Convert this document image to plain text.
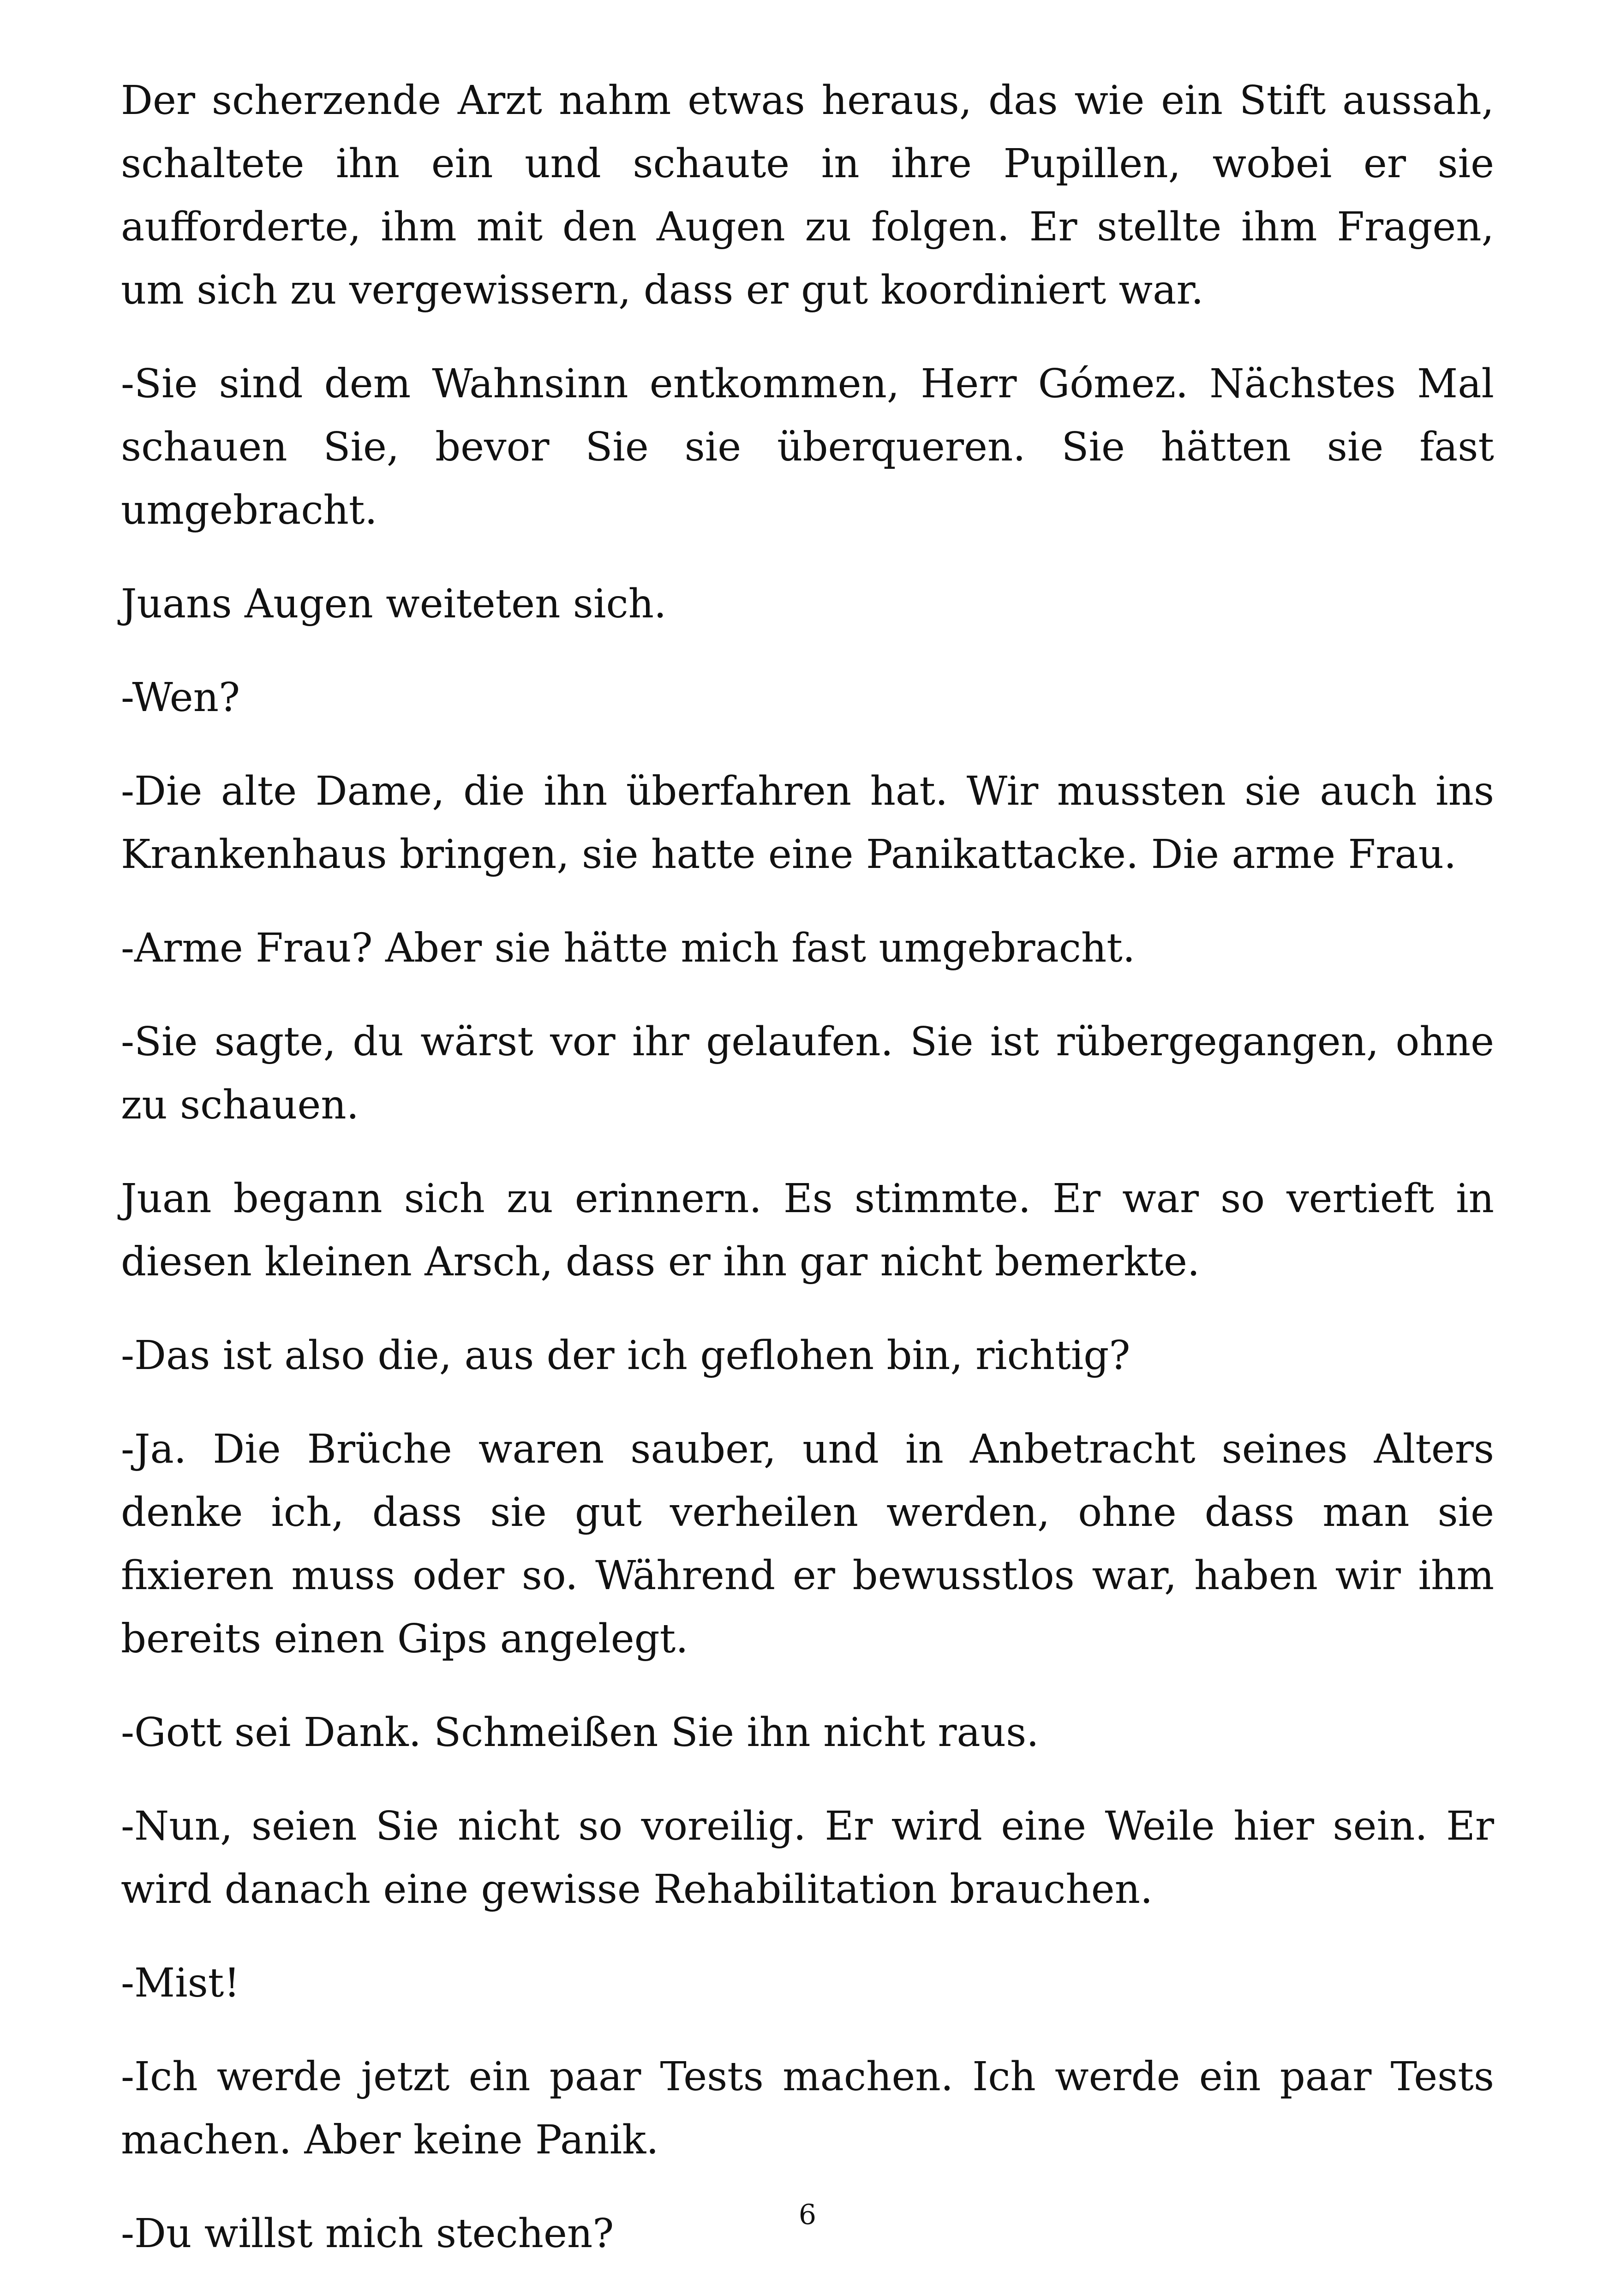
Der scherzende Arzt nahm etwas heraus, das wie ein Stift aussah, schaltete ihn ein und schaute in ihre Pupillen, wobei er sie aufforderte, ihm mit den Augen zu folgen. Er stellte ihm Fragen, um sich zu vergewissern, dass er gut koordiniert war.

-Sie sind dem Wahnsinn entkommen, Herr Gómez. Nächstes Mal schauen Sie, bevor Sie sie überqueren. Sie hätten sie fast umgebracht.

Juans Augen weiteten sich.

-Wen?

-Die alte Dame, die ihn überfahren hat. Wir mussten sie auch ins Krankenhaus bringen, sie hatte eine Panikattacke. Die arme Frau.

-Arme Frau? Aber sie hätte mich fast umgebracht.

-Sie sagte, du wärst vor ihr gelaufen. Sie ist rübergegangen, ohne zu schauen.

Juan begann sich zu erinnern. Es stimmte. Er war so vertieft in diesen kleinen Arsch, dass er ihn gar nicht bemerkte.

-Das ist also die, aus der ich geflohen bin, richtig?

-Ja. Die Brüche waren sauber, und in Anbetracht seines Alters denke ich, dass sie gut verheilen werden, ohne dass man sie fixieren muss oder so. Während er bewusstlos war, haben wir ihm bereits einen Gips angelegt.

-Gott sei Dank. Schmeißen Sie ihn nicht raus.

-Nun, seien Sie nicht so voreilig. Er wird eine Weile hier sein. Er wird danach eine gewisse Rehabilitation brauchen.

-Mist!

-Ich werde jetzt ein paar Tests machen. Ich werde ein paar Tests machen. Aber keine Panik.

-Du willst mich stechen?	6
